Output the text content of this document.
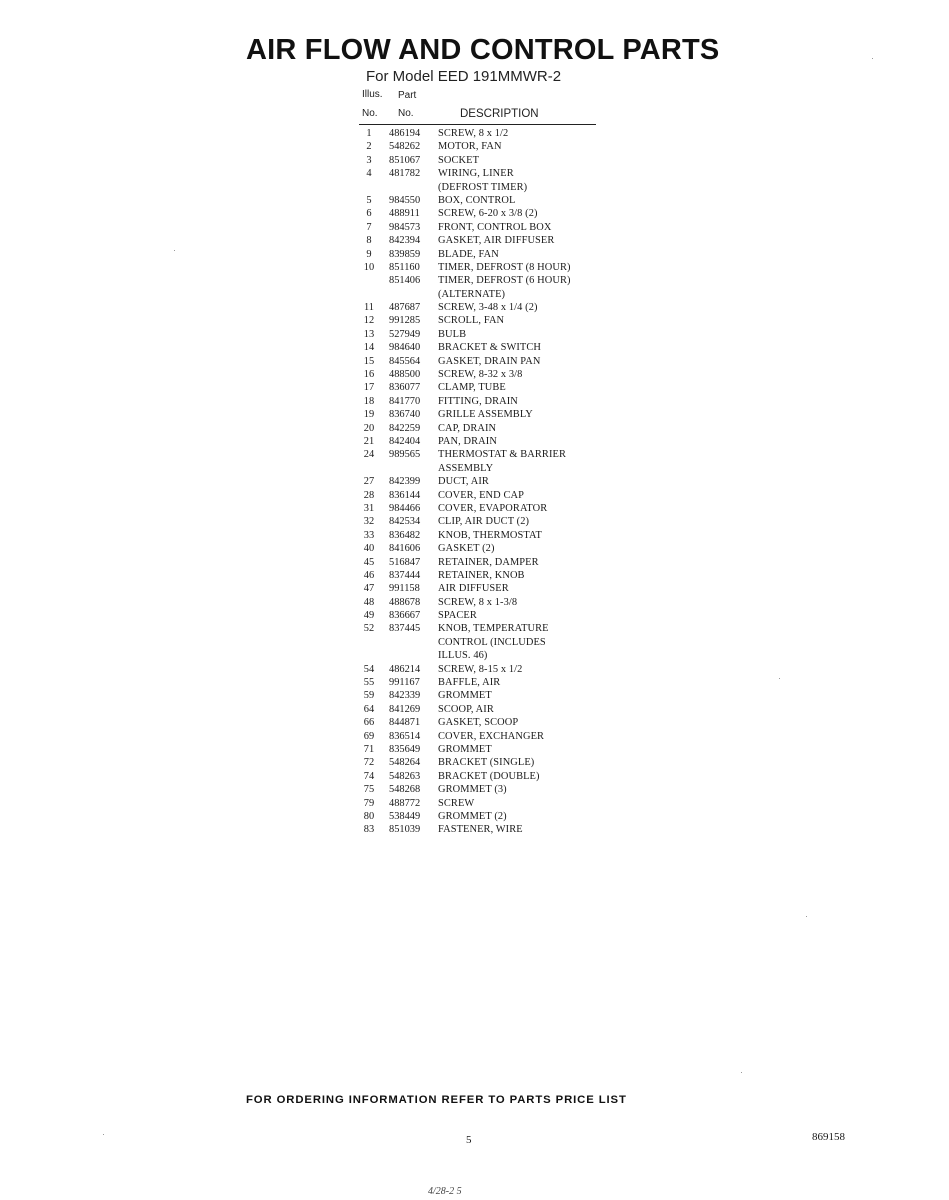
AIR FLOW AND CONTROL PARTS
For Model EED 191MMWR-2
Illus. Part
No. No.	DESCRIPTION
1	486194 SCREW, 8 x 1/2
2	548262 MOTOR, FAN
3	851067 SOCKET
4	481782 WIRING, LINER
(DEFROST TIMER)
5	984550 BOX, CONTROL
6	488911 SCREW, 6-20 x 3/8 (2)
7	984573 FRONT, CONTROL BOX
8	842394 GASKET, AIR DIFFUSER
9	839859 BLADE, FAN
10	851160 TIMER, DEFROST (8 HOUR)
851406 TIMER, DEFROST (6 HOUR)
(ALTERNATE)
11	487687 SCREW, 3-48 x 1/4 (2)
12	991285 SCROLL, FAN
13	527949 BULB
14	984640 BRACKET & SWITCH
15	845564 GASKET, DRAIN PAN
16	488500 SCREW, 8-32 x 3/8
17	836077 CLAMP, TUBE
18	841770 FITTING, DRAIN
19	836740 GRILLE ASSEMBLY
20	842259 CAP, DRAIN
21	842404 PAN, DRAIN
24	989565 THERMOSTAT & BARRIER
ASSEMBLY
27	842399 DUCT, AIR
28	836144 COVER, END CAP
31	984466 COVER, EVAPORATOR
32	842534 CLIP, AIR DUCT (2)
33	836482 KNOB, THERMOSTAT
40	841606 GASKET (2)
45	516847 RETAINER, DAMPER
46	837444 RETAINER, KNOB
47	991158 AIR DIFFUSER
48	488678 SCREW, 8 x 1-3/8
49	836667 SPACER
52	837445 KNOB, TEMPERATURE
CONTROL (INCLUDES
ILLUS. 46)
54	486214 SCREW, 8-15 x 1/2
55	991167 BAFFLE, AIR
59	842339 GROMMET
64	841269 SCOOP, AIR
66	844871 GASKET, SCOOP
69	836514 COVER, EXCHANGER
71	835649 GROMMET
72	548264 BRACKET (SINGLE)
74	548263 BRACKET (DOUBLE)
75	548268 GROMMET (3)
79	488772 SCREW
80	538449 GROMMET (2)
83	851039 FASTENER, WIRE
FOR ORDERING INFORMATION REFER TO PARTS PRICE LIST
5	869158
4/28-2 5
